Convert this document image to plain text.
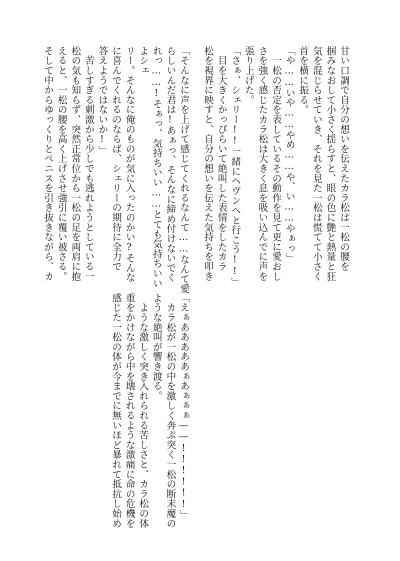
甘い口調で自分の想いを伝えたカラ松は一松の腰を
掴みなおして小さく揺らすと、眼の色に艶と熱量と狂
気を混じらせていき、それを見た一松は慌てて小さく
首を横に振る。
「や……いや……やめ……や、い……やぁっ」
　一松の否定を表しているその動作を見て更に愛おし
さを強く感じたカラ松は大きく息を吸い込んでに声を
張り上げた。
「さぁ、シェリー!!一緒にヘヴンへと行こう!!」
　目を大きくかっぴらいて絶叫した表情をしたカラ
松を視界に映すと、自分の想いを伝えた気持ちを叩き

「そんなに声を上げて感じてくれるなんて……なんて愛
らしいんだ君は!あぁっ、そんなに締め付けないでく
れっ……!そぁっ、気持ちいい……とても気持ちいいよシェ
リー。そんなに俺のものが気に入ったのかい?そんな
に喜んでくれるのならば、シェリーの期待に全力で
答えようではないか!」
　苦しすぎる刺激から少しでも逃れようとしている一
松の気も知らず、突然正常位から一松の足を両肩に抱
えると、一松の腰を高く上げさせ強引に覆い被さる。
そして中からゆっくりとペニスを引き抜きながら、カ

「えぁあああああぁあぁぁぁ——!!!!!!」
　カラ松が一松の中を激しく奔ぷ突く一松の断末魔の
ような絶叫が響き渡る。
　ような激しく突き入れられる苦しさと、カラ松の体
重をかけながら中を壊されるような激痛に命の危機を
感じた一松の体が今までに無いほど暴れて抵抗し始め
